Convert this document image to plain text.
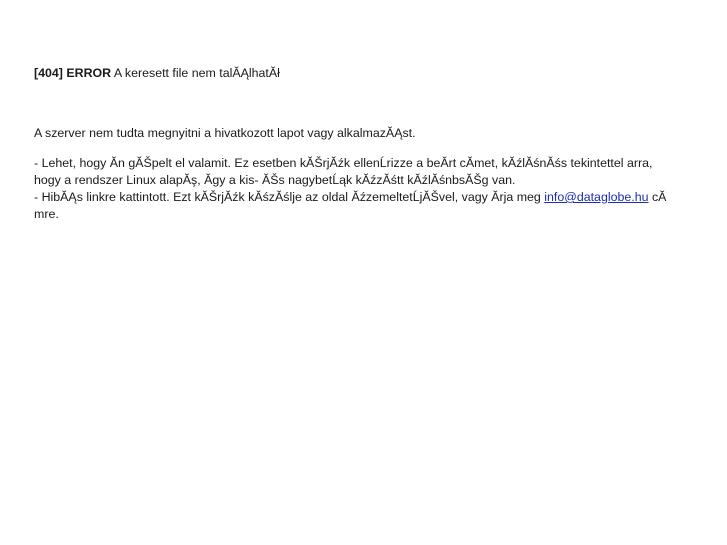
[404] ERROR A keresett file nem talĂĄlhatĂł
A szerver nem tudta megnyitni a hivatkozott lapot vagy alkalmazĂĄst.
- Lehet, hogy Ăn gĂŠpelt el valamit. Ez esetben kĂŠrjĂźk ellenĹrizze a beĂrt cĂmet, kĂźlĂśnĂśs tekintettel arra,
hogy a rendszer Linux alapĂş, Ăgy a kis- ĂŠs nagybetĹąk kĂźzĂśtt kĂźlĂśnbsĂŠg van.
- HibĂĄs linkre kattintott. Ezt kĂŠrjĂźk kĂśzĂślje az oldal ĂźzemeltetĹjĂŠvel, vagy Ărja meg info@dataglobe.hu cĂ
mre.
